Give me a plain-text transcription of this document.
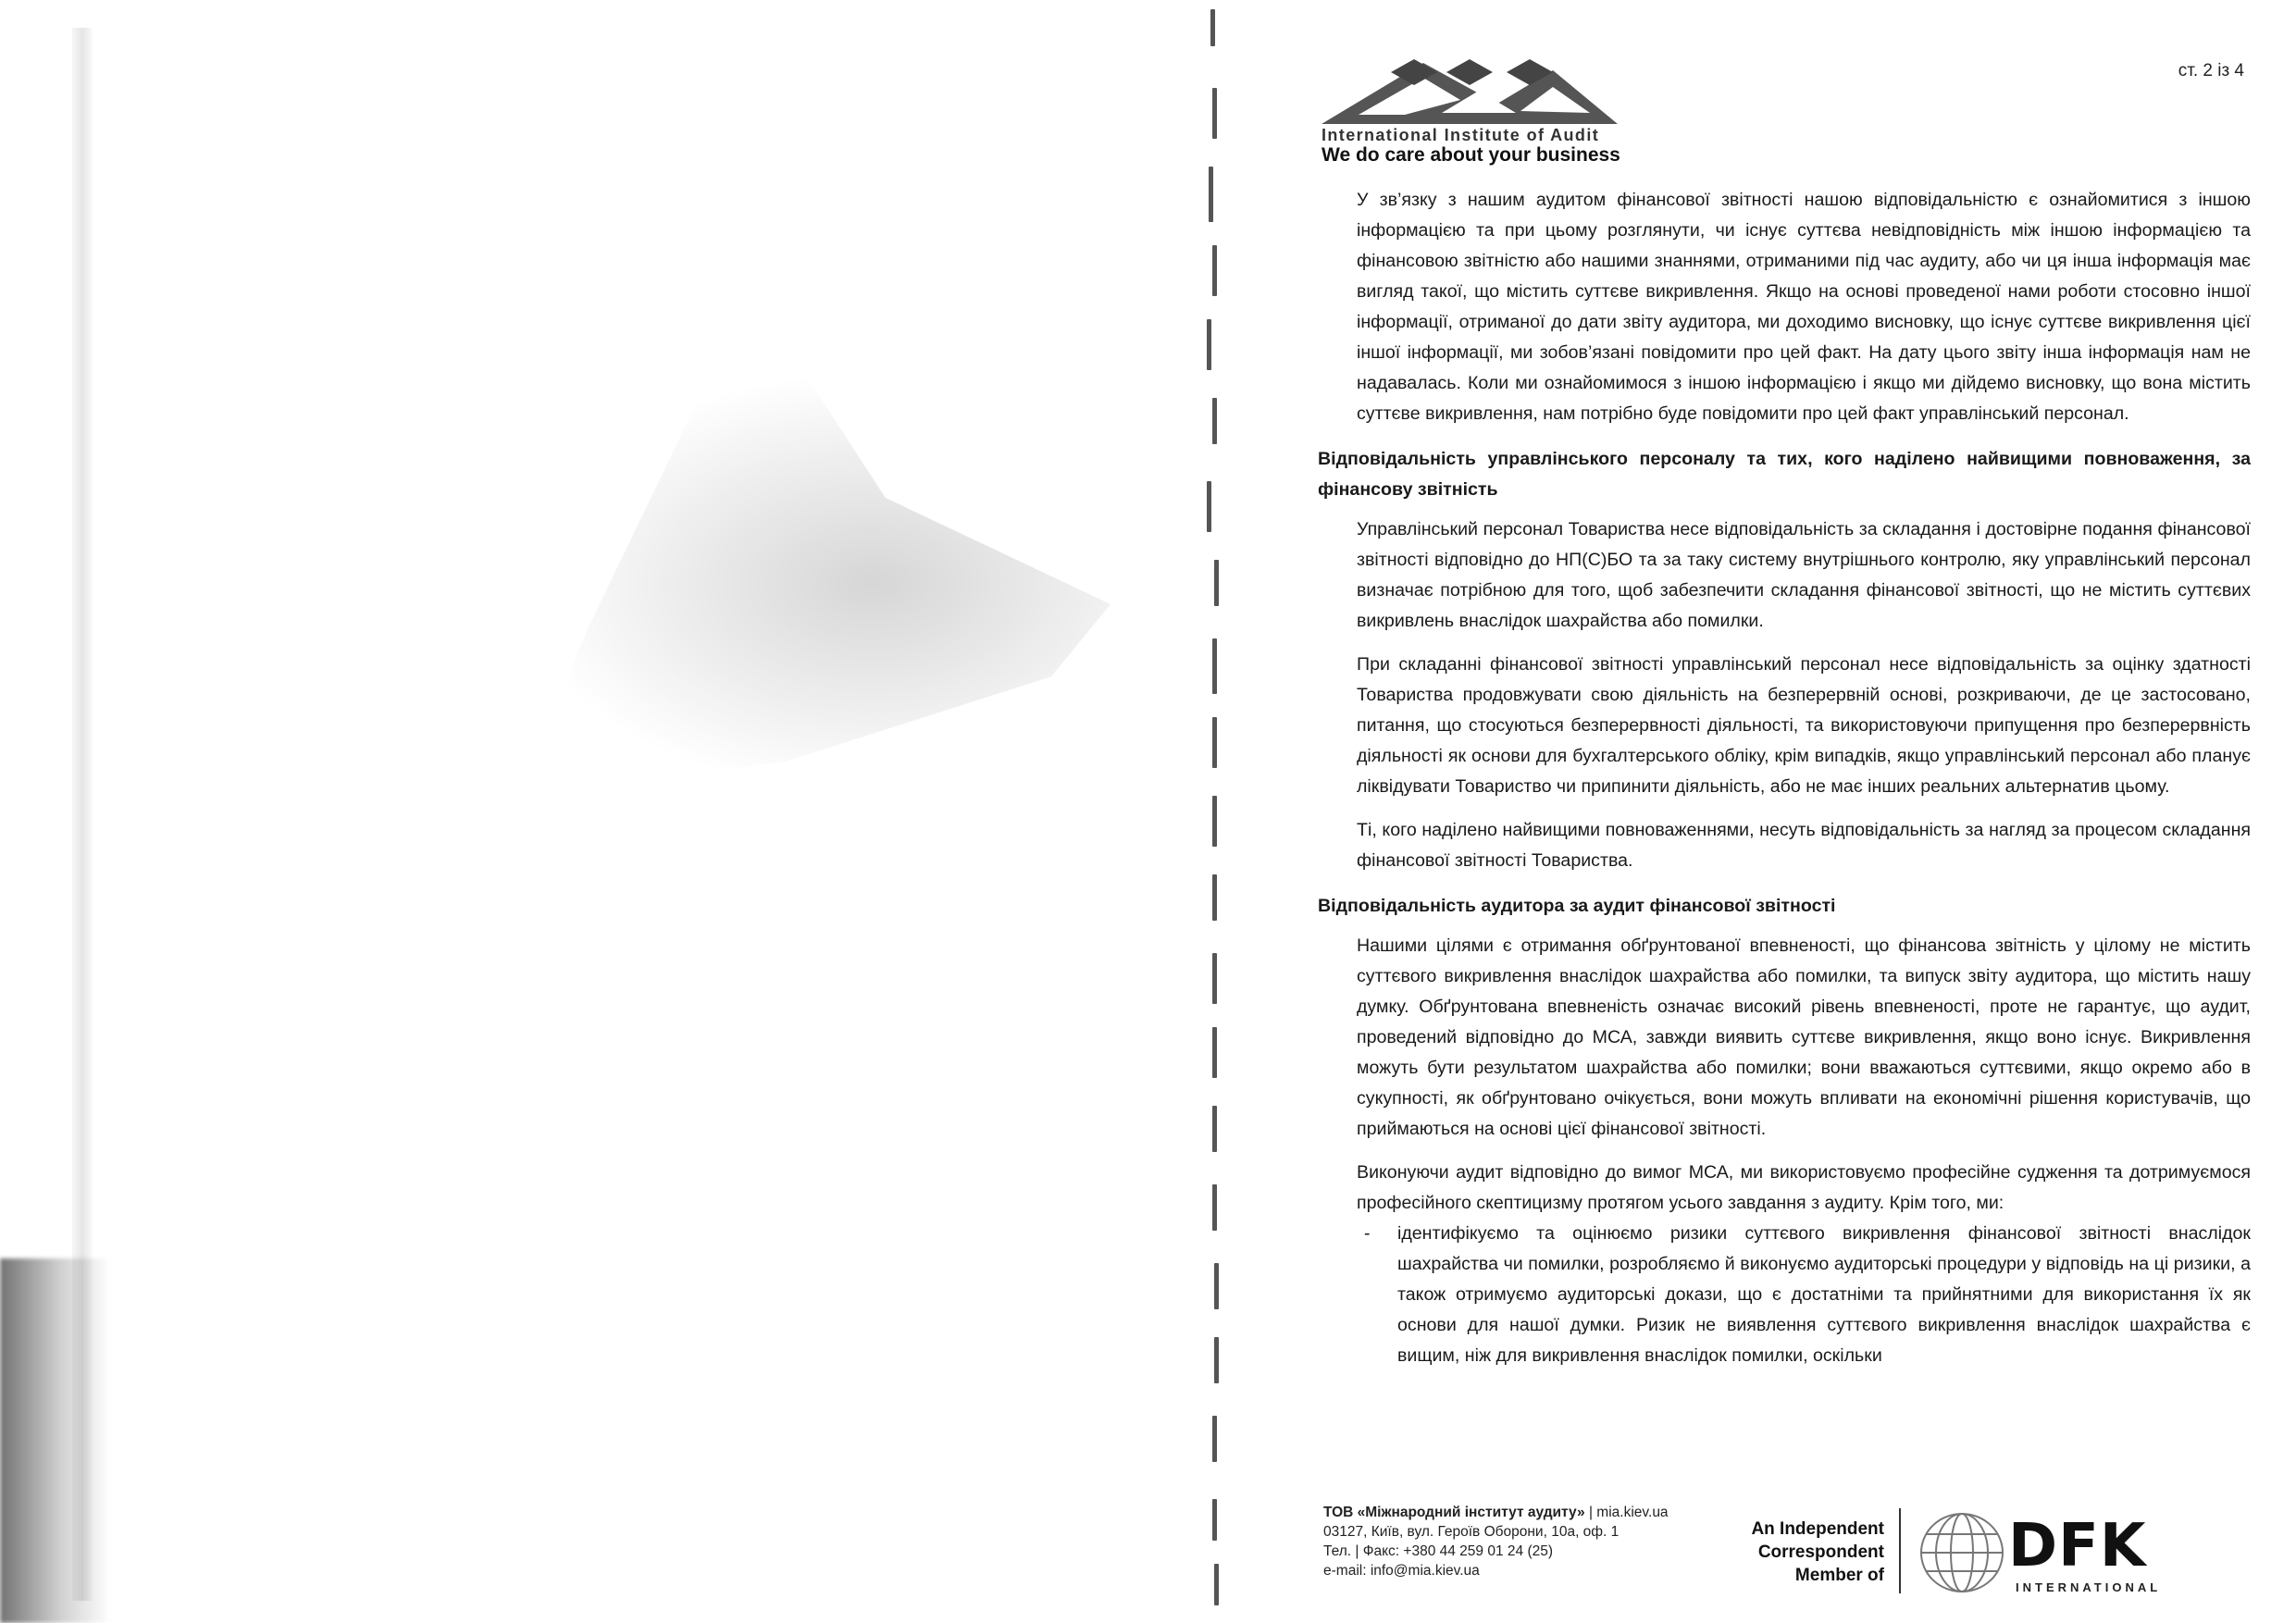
International Institute of Audit
We do care about your business
ст. 2 із 4

У зв’язку з нашим аудитом фінансової звітності нашою відповідальністю є ознайомитися з іншою інформацією та при цьому розглянути, чи існує суттєва невідповідність між іншою інформацією та фінансовою звітністю або нашими знаннями, отриманими під час аудиту, або чи ця інша інформація має вигляд такої, що містить суттєве викривлення. Якщо на основі проведеної нами роботи стосовно іншої інформації, отриманої до дати звіту аудитора, ми доходимо висновку, що існує суттєве викривлення цієї іншої інформації, ми зобов’язані повідомити про цей факт. На дату цього звіту інша інформація нам не надавалась. Коли ми ознайомимося з іншою інформацією і якщо ми дійдемо висновку, що вона містить суттєве викривлення, нам потрібно буде повідомити про цей факт управлінський персонал.

Відповідальність управлінського персоналу та тих, кого наділено найвищими повноваження, за фінансову звітність

Управлінський персонал Товариства несе відповідальність за складання і достовірне подання фінансової звітності відповідно до НП(С)БО та за таку систему внутрішнього контролю, яку управлінський персонал визначає потрібною для того, щоб забезпечити складання фінансової звітності, що не містить суттєвих викривлень внаслідок шахрайства або помилки.

При складанні фінансової звітності управлінський персонал несе відповідальність за оцінку здатності Товариства продовжувати свою діяльність на безперервній основі, розкриваючи, де це застосовано, питання, що стосуються безперервності діяльності, та використовуючи припущення про безперервність діяльності як основи для бухгалтерського обліку, крім випадків, якщо управлінський персонал або планує ліквідувати Товариство чи припинити діяльність, або не має інших реальних альтернатив цьому.

Ті, кого наділено найвищими повноваженнями, несуть відповідальність за нагляд за процесом складання фінансової звітності Товариства.

Відповідальність аудитора за аудит фінансової звітності

Нашими цілями є отримання обґрунтованої впевненості, що фінансова звітність у цілому не містить суттєвого викривлення внаслідок шахрайства або помилки, та випуск звіту аудитора, що містить нашу думку. Обґрунтована впевненість означає високий рівень впевненості, проте не гарантує, що аудит, проведений відповідно до МСА, завжди виявить суттєве викривлення, якщо воно існує. Викривлення можуть бути результатом шахрайства або помилки; вони вважаються суттєвими, якщо окремо або в сукупності, як обґрунтовано очікується, вони можуть впливати на економічні рішення користувачів, що приймаються на основі цієї фінансової звітності.

Виконуючи аудит відповідно до вимог МСА, ми використовуємо професійне судження та дотримуємося професійного скептицизму протягом усього завдання з аудиту. Крім того, ми:

- ідентифікуємо та оцінюємо ризики суттєвого викривлення фінансової звітності внаслідок шахрайства чи помилки, розробляємо й виконуємо аудиторські процедури у відповідь на ці ризики, а також отримуємо аудиторські докази, що є достатніми та прийнятними для використання їх як основи для нашої думки. Ризик не виявлення суттєвого викривлення внаслідок шахрайства є вищим, ніж для викривлення внаслідок помилки, оскільки
ТОВ «Міжнародний інститут аудиту» | mia.kiev.ua
03127, Київ, вул. Героїв Оборони, 10а, оф. 1
Тел. | Факс: +380 44 259 01 24 (25)
e-mail: info@mia.kiev.ua
An Independent
Correspondent
Member of DFK
INTERNATIONAL
